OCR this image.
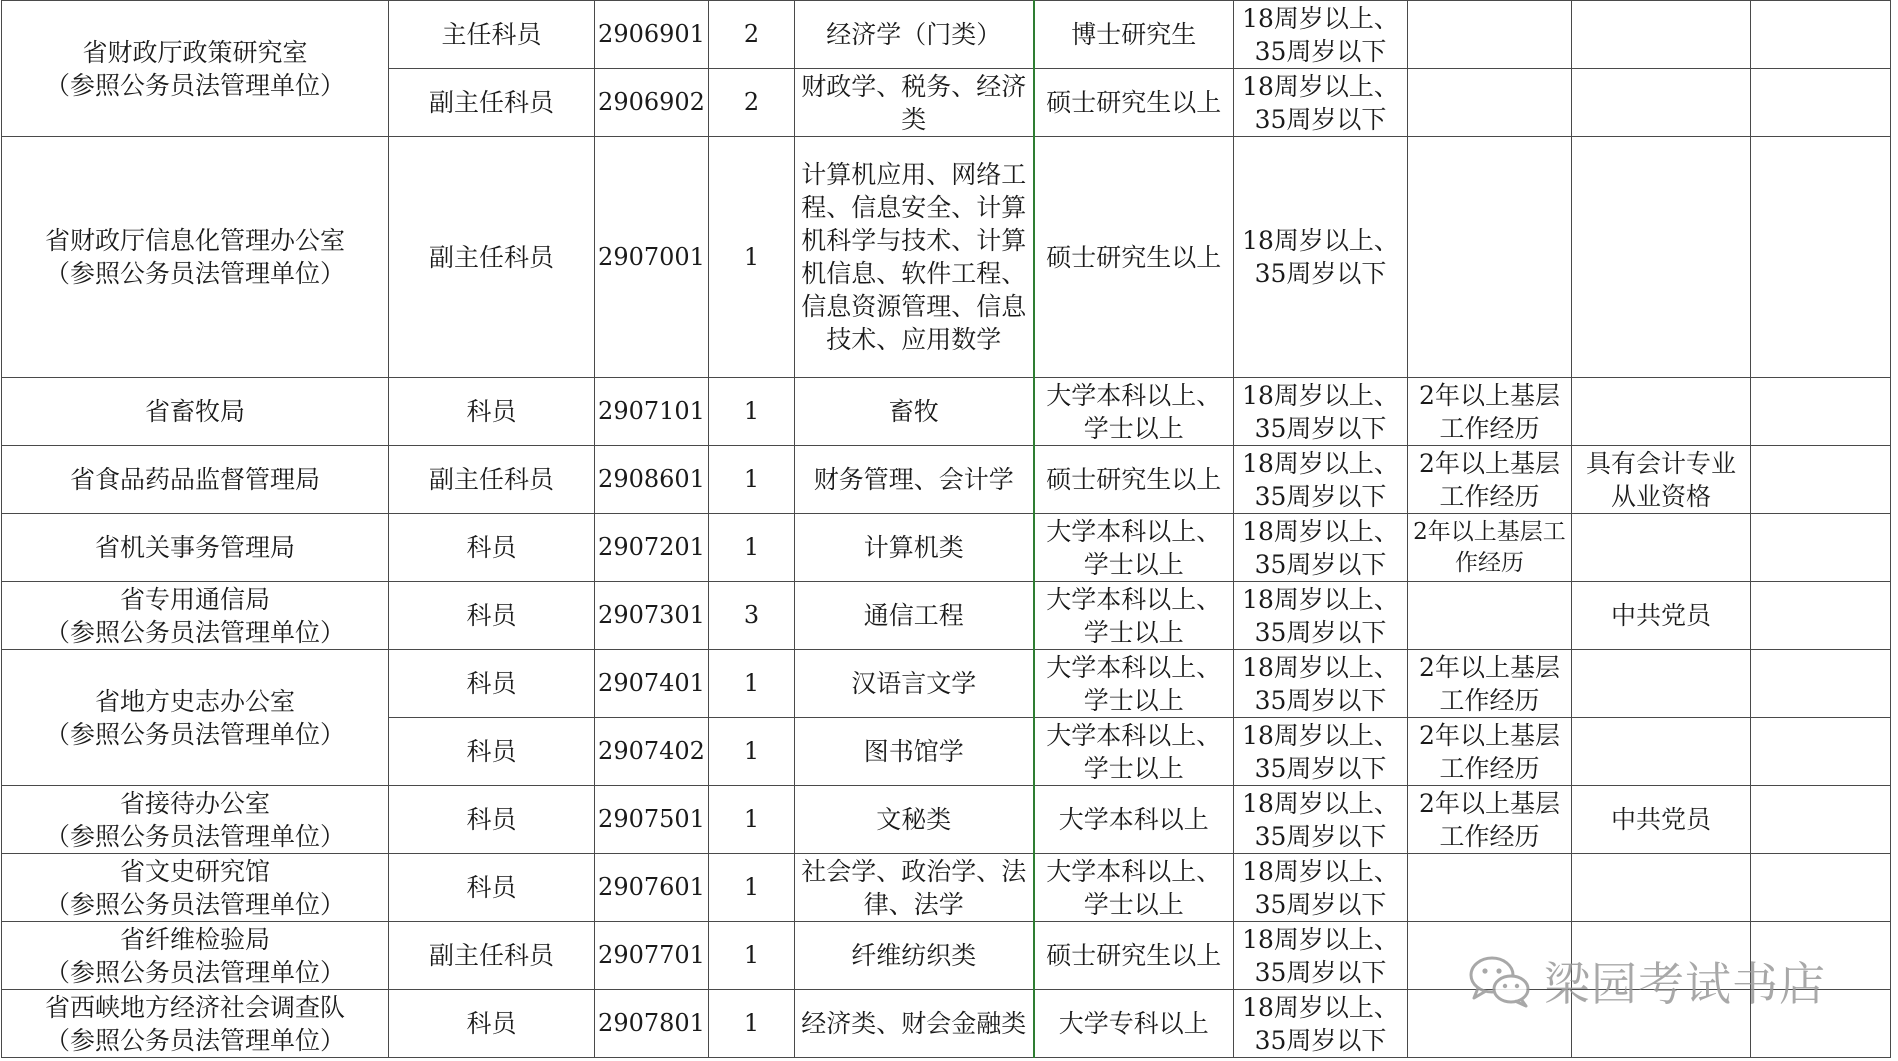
省财政厅政策研究室
（参照公务员法管理单位）	主任科员	2906901	2	经济学（门类）	博士研究生	18周岁以上、35周岁以下			
	副主任科员	2906902	2	财政学、税务、经济类	硕士研究生以上	18周岁以上、35周岁以下			

省财政厅信息化管理办公室
（参照公务员法管理单位）	副主任科员	2907001	1	计算机应用、网络工程、信息安全、计算机科学与技术、计算机信息、软件工程、信息资源管理、信息技术、应用数学	硕士研究生以上	18周岁以上、35周岁以下			

省畜牧局	科员	2907101	1	畜牧	大学本科以上、学士以上	18周岁以上、35周岁以下	2年以上基层工作经历		

省食品药品监督管理局	副主任科员	2908601	1	财务管理、会计学	硕士研究生以上	18周岁以上、35周岁以下	2年以上基层工作经历	具有会计专业从业资格	

省机关事务管理局	科员	2907201	1	计算机类	大学本科以上、学士以上	18周岁以上、35周岁以下	2年以上基层工作经历		

省专用通信局
（参照公务员法管理单位）	科员	2907301	3	通信工程	大学本科以上、学士以上	18周岁以上、35周岁以下		中共党员	

省地方史志办公室
（参照公务员法管理单位）	科员	2907401	1	汉语言文学	大学本科以上、学士以上	18周岁以上、35周岁以下	2年以上基层工作经历		
	科员	2907402	1	图书馆学	大学本科以上、学士以上	18周岁以上、35周岁以下	2年以上基层工作经历		

省接待办公室
（参照公务员法管理单位）	科员	2907501	1	文秘类	大学本科以上	18周岁以上、35周岁以下	2年以上基层工作经历	中共党员	

省文史研究馆
（参照公务员法管理单位）	科员	2907601	1	社会学、政治学、法律、法学	大学本科以上、学士以上	18周岁以上、35周岁以下			

省纤维检验局
（参照公务员法管理单位）	副主任科员	2907701	1	纤维纺织类	硕士研究生以上	18周岁以上、35周岁以下			

省西峡地方经济社会调查队
（参照公务员法管理单位）	科员	2907801	1	经济类、财会金融类	大学专科以上	18周岁以上、35周岁以下			
梁园考试书店
